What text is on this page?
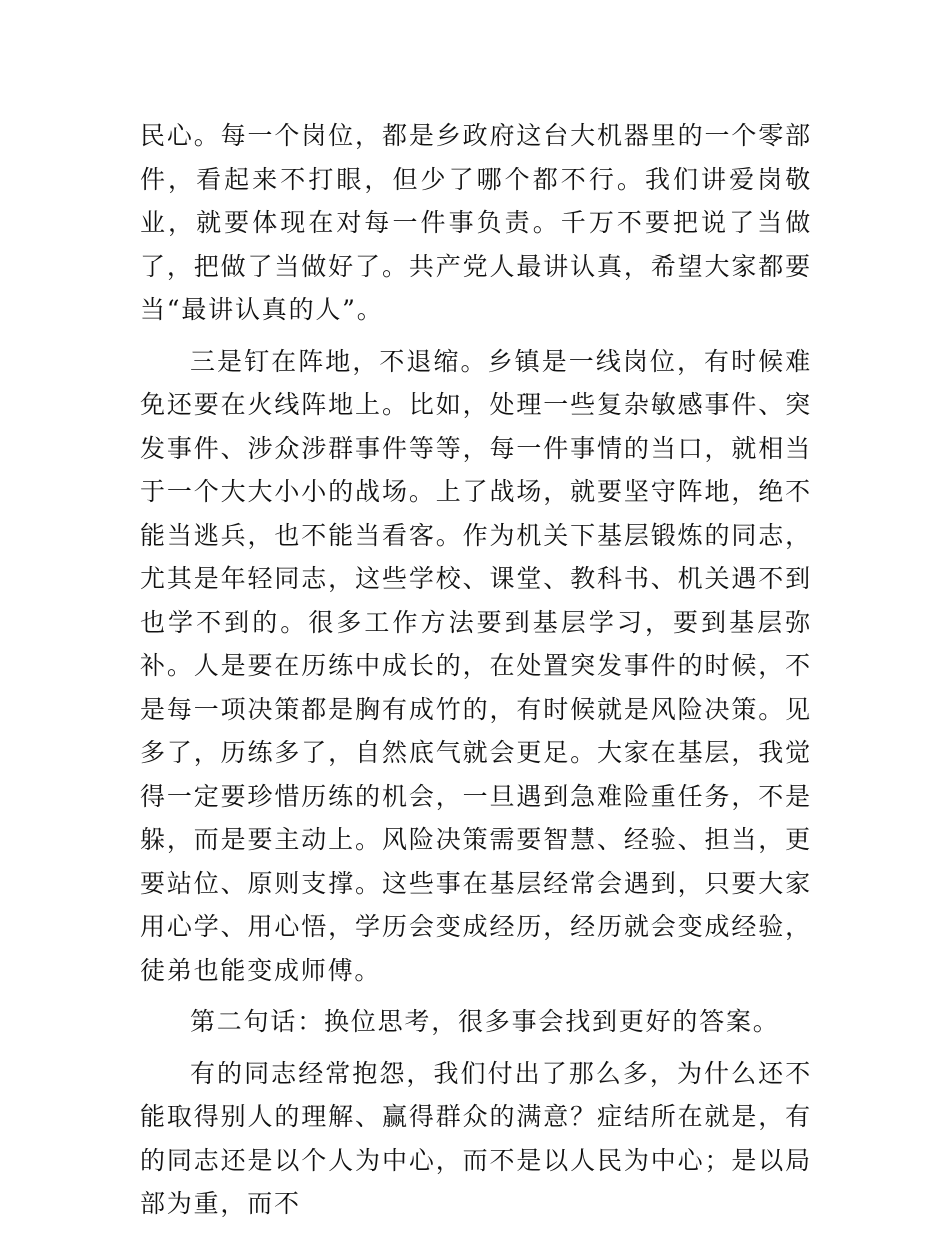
民心。每一个岗位，都是乡政府这台大机器里的一个零部件，看起来不打眼，但少了哪个都不行。我们讲爱岗敬业，就要体现在对每一件事负责。千万不要把说了当做了，把做了当做好了。共产党人最讲认真，希望大家都要当“最讲认真的人”。

三是钉在阵地，不退缩。乡镇是一线岗位，有时候难免还要在火线阵地上。比如，处理一些复杂敏感事件、突发事件、涉众涉群事件等等，每一件事情的当口，就相当于一个大大小小的战场。上了战场，就要坚守阵地，绝不能当逃兵，也不能当看客。作为机关下基层锻炼的同志，尤其是年轻同志，这些学校、课堂、教科书、机关遇不到也学不到的。很多工作方法要到基层学习，要到基层弥补。人是要在历练中成长的，在处置突发事件的时候，不是每一项决策都是胸有成竹的，有时候就是风险决策。见多了，历练多了，自然底气就会更足。大家在基层，我觉得一定要珍惜历练的机会，一旦遇到急难险重任务，不是躲，而是要主动上。风险决策需要智慧、经验、担当，更要站位、原则支撑。这些事在基层经常会遇到，只要大家用心学、用心悟，学历会变成经历，经历就会变成经验，徒弟也能变成师傅。

第二句话：换位思考，很多事会找到更好的答案。

有的同志经常抱怨，我们付出了那么多，为什么还不能取得别人的理解、赢得群众的满意？症结所在就是，有的同志还是以个人为中心，而不是以人民为中心；是以局部为重，而不
